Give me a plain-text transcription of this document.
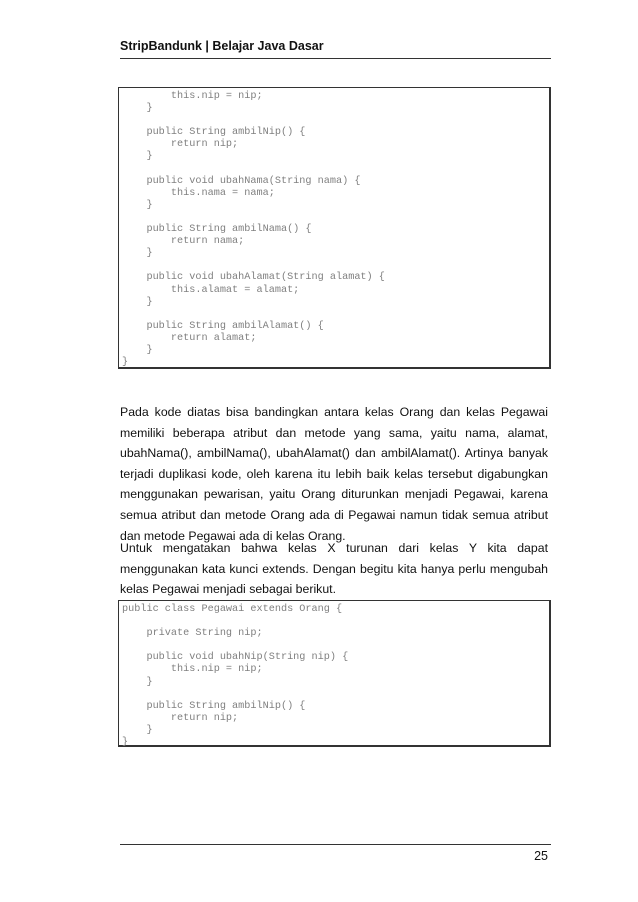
StripBandunk | Belajar Java Dasar
this.nip = nip;
}
public String ambilNip() {
return nip;
}
public void ubahNama(String nama) {
this.nama = nama;
}
public String ambilNama() {
return nama;
}
public void ubahAlamat(String alamat) {
this.alamat = alamat;
}
public String ambilAlamat() {
return alamat;
}
}

Pada kode diatas bisa bandingkan antara kelas Orang dan kelas Pegawai memiliki beberapa atribut dan metode yang sama, yaitu nama, alamat, ubahNama(), ambilNama(), ubahAlamat() dan ambilAlamat(). Artinya banyak terjadi duplikasi kode, oleh karena itu lebih baik kelas tersebut digabungkan menggunakan pewarisan, yaitu Orang diturunkan menjadi Pegawai, karena semua atribut dan metode Orang ada di Pegawai namun tidak semua atribut dan metode Pegawai ada di kelas Orang.

Untuk mengatakan bahwa kelas X turunan dari kelas Y kita dapat menggunakan kata kunci extends. Dengan begitu kita hanya perlu mengubah kelas Pegawai menjadi sebagai berikut.

public class Pegawai extends Orang {
private String nip;
public void ubahNip(String nip) {
this.nip = nip;
}
public String ambilNip() {
return nip;
}
}
25
